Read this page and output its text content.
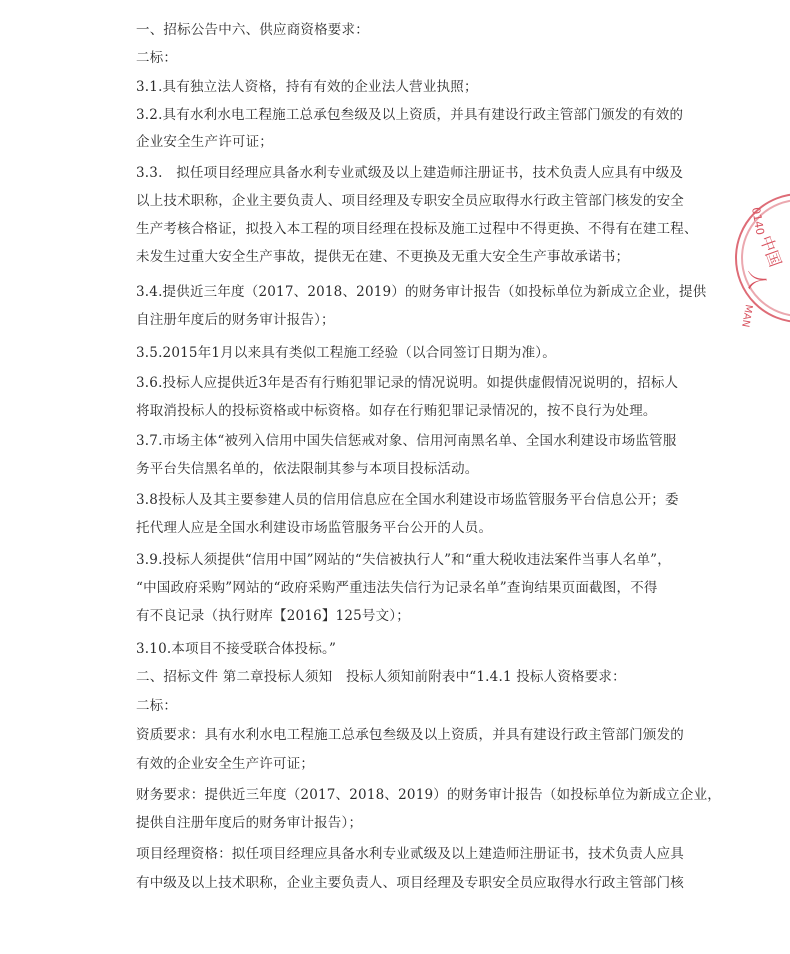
一、招标公告中六、供应商资格要求：
二标：
3.1.具有独立法人资格，持有有效的企业法人营业执照；
3.2.具有水利水电工程施工总承包叁级及以上资质，并具有建设行政主管部门颁发的有效的
企业安全生产许可证；
3.3.　拟任项目经理应具备水利专业贰级及以上建造师注册证书，技术负责人应具有中级及
以上技术职称，企业主要负责人、项目经理及专职安全员应取得水行政主管部门核发的安全
生产考核合格证，拟投入本工程的项目经理在投标及施工过程中不得更换、不得有在建工程、
未发生过重大安全生产事故，提供无在建、不更换及无重大安全生产事故承诺书；
3.4.提供近三年度（2017、2018、2019）的财务审计报告（如投标单位为新成立企业，提供
自注册年度后的财务审计报告）；
3.5.2015年1月以来具有类似工程施工经验（以合同签订日期为准）。
3.6.投标人应提供近3年是否有行贿犯罪记录的情况说明。如提供虚假情况说明的，招标人
将取消投标人的投标资格或中标资格。如存在行贿犯罪记录情况的，按不良行为处理。
3.7.市场主体“被列入信用中国失信惩戒对象、信用河南黑名单、全国水利建设市场监管服
务平台失信黑名单的，依法限制其参与本项目投标活动。
3.8投标人及其主要参建人员的信用信息应在全国水利建设市场监管服务平台信息公开；委
托代理人应是全国水利建设市场监管服务平台公开的人员。
3.9.投标人须提供“信用中国”网站的“失信被执行人”和“重大税收违法案件当事人名单”，
“中国政府采购”网站的“政府采购严重违法失信行为记录名单”查询结果页面截图，不得
有不良记录（执行财库【2016】125号文）；
3.10.本项目不接受联合体投标。”
二、招标文件 第二章投标人须知　投标人须知前附表中“1.4.1 投标人资格要求：
二标：
资质要求：具有水利水电工程施工总承包叁级及以上资质，并具有建设行政主管部门颁发的
有效的企业安全生产许可证；
财务要求：提供近三年度（2017、2018、2019）的财务审计报告（如投标单位为新成立企业，
提供自注册年度后的财务审计报告）；
项目经理资格：拟任项目经理应具备水利专业贰级及以上建造师注册证书，技术负责人应具
有中级及以上技术职称，企业主要负责人、项目经理及专职安全员应取得水行政主管部门核
0140
中国
人
MAN
